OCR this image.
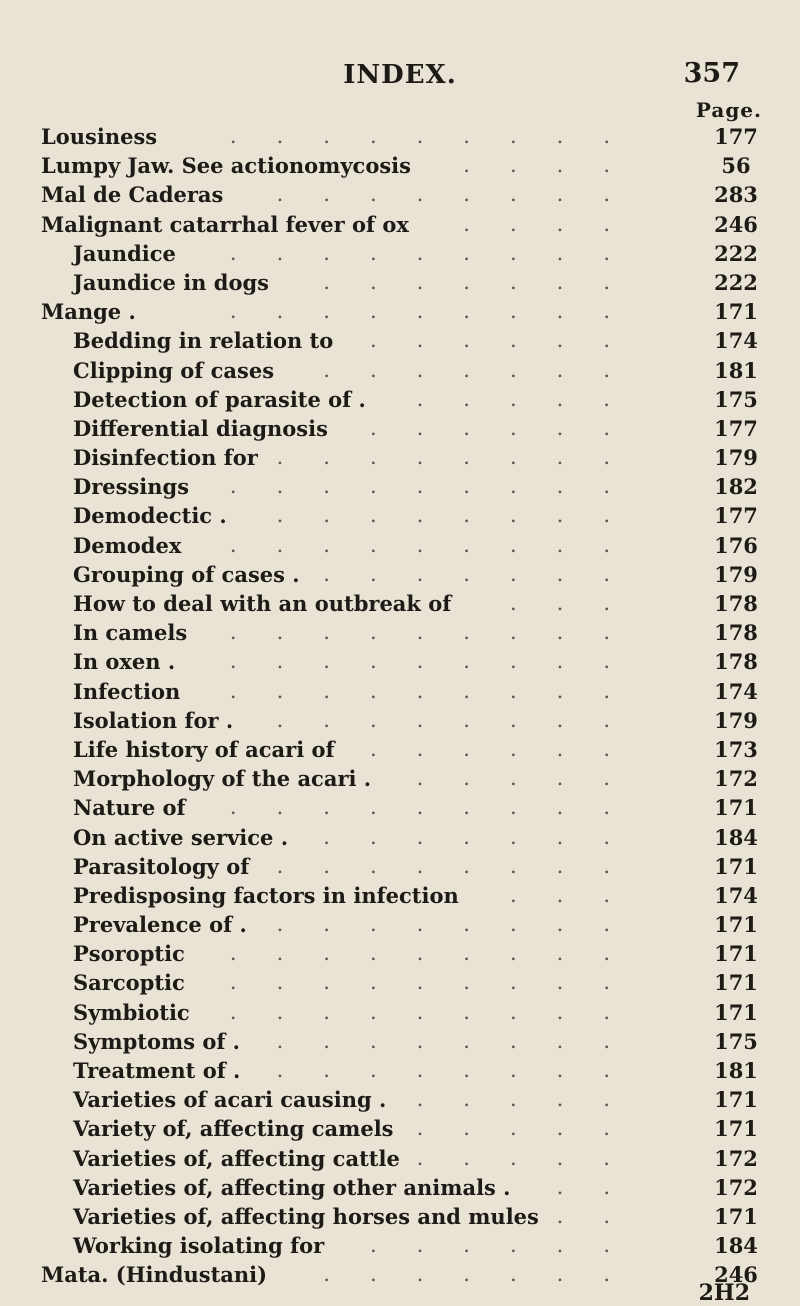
INDEX.	357
Page.
Lousiness	.........	177
Lumpy Jaw. See actionomycosis ....	56
Mal de Caderas	........	283
Malignant catarrhal fever of ox	....	246
Jaundice	.........	222
Jaundice in dogs	.......	222
Mange .	.........	171
Bedding in relation to ......	174
Clipping of cases .......	181
Detection of parasite of . .....	175
Differential diagnosis ......	177
Disinfection for ........	179
Dressings .........	182
Demodectic . ........	177
Demodex .........	176
Grouping of cases . .......	179
How to deal with an outbreak of	...	178
In camels .........	178
In oxen .	.........	178
Infection .........	174
Isolation for . ........	179
Life history of acari of ......	173
Morphology of the acari . .....	172
Nature of .........	171
On active service . .......	184
Parasitology of ........	171
Predisposing factors in infection ...	174
Prevalence of . ........	171
Psoroptic .........	171
Sarcoptic .........	171
Symbiotic .........	171
Symptoms of . ........	175
Treatment of . ........	181
Varieties of acari causing . .....	171
Variety of, affecting camels .....	171
Varieties of, affecting cattle .....	172
Varieties of, affecting other animals . ..	172
Varieties of, affecting horses and mules ..	171
Working isolating for ......	184
Mata. (Hindustani)	.......	246
2H2
